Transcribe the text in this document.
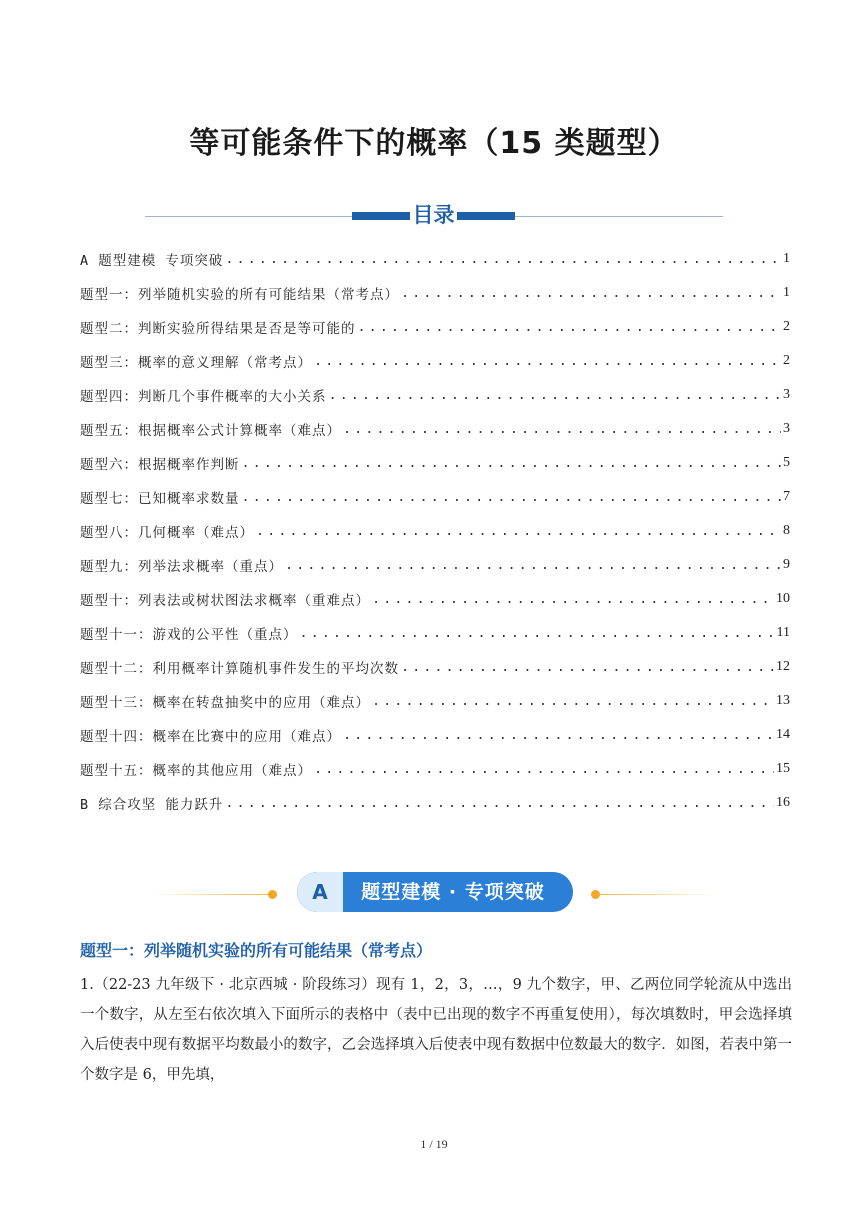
等可能条件下的概率（15 类题型）
目录
A 题型建模 专项突破 .....	1
题型一：列举随机实验的所有可能结果（常考点） .....	1
题型二：判断实验所得结果是否是等可能的 .....	2
题型三：概率的意义理解（常考点） .....	2
题型四：判断几个事件概率的大小关系 .....	3
题型五：根据概率公式计算概率（难点） .....	3
题型六：根据概率作判断 .....	5
题型七：已知概率求数量 .....	7
题型八：几何概率（难点） .....	8
题型九：列举法求概率（重点） .....	9
题型十：列表法或树状图法求概率（重难点） .....	10
题型十一：游戏的公平性（重点） .....	11
题型十二：利用概率计算随机事件发生的平均次数 .....	12
题型十三：概率在转盘抽奖中的应用（难点） .....	13
题型十四：概率在比赛中的应用（难点） .....	14
题型十五：概率的其他应用（难点） .....	15
B 综合攻坚 能力跃升 .....	16
A	题型建模 · 专项突破
题型一：列举随机实验的所有可能结果（常考点）

1.（22-23 九年级下 · 北京西城 · 阶段练习）现有 1，2，3，…，9 九个数字，甲、乙两位同学轮流从中选出一个数字，从左至右依次填入下面所示的表格中（表中已出现的数字不再重复使用），每次填数时，甲会选择填入后使表中现有数据平均数最小的数字，乙会选择填入后使表中现有数据中位数最大的数字．如图，若表中第一个数字是 6，甲先填，

1 / 19
